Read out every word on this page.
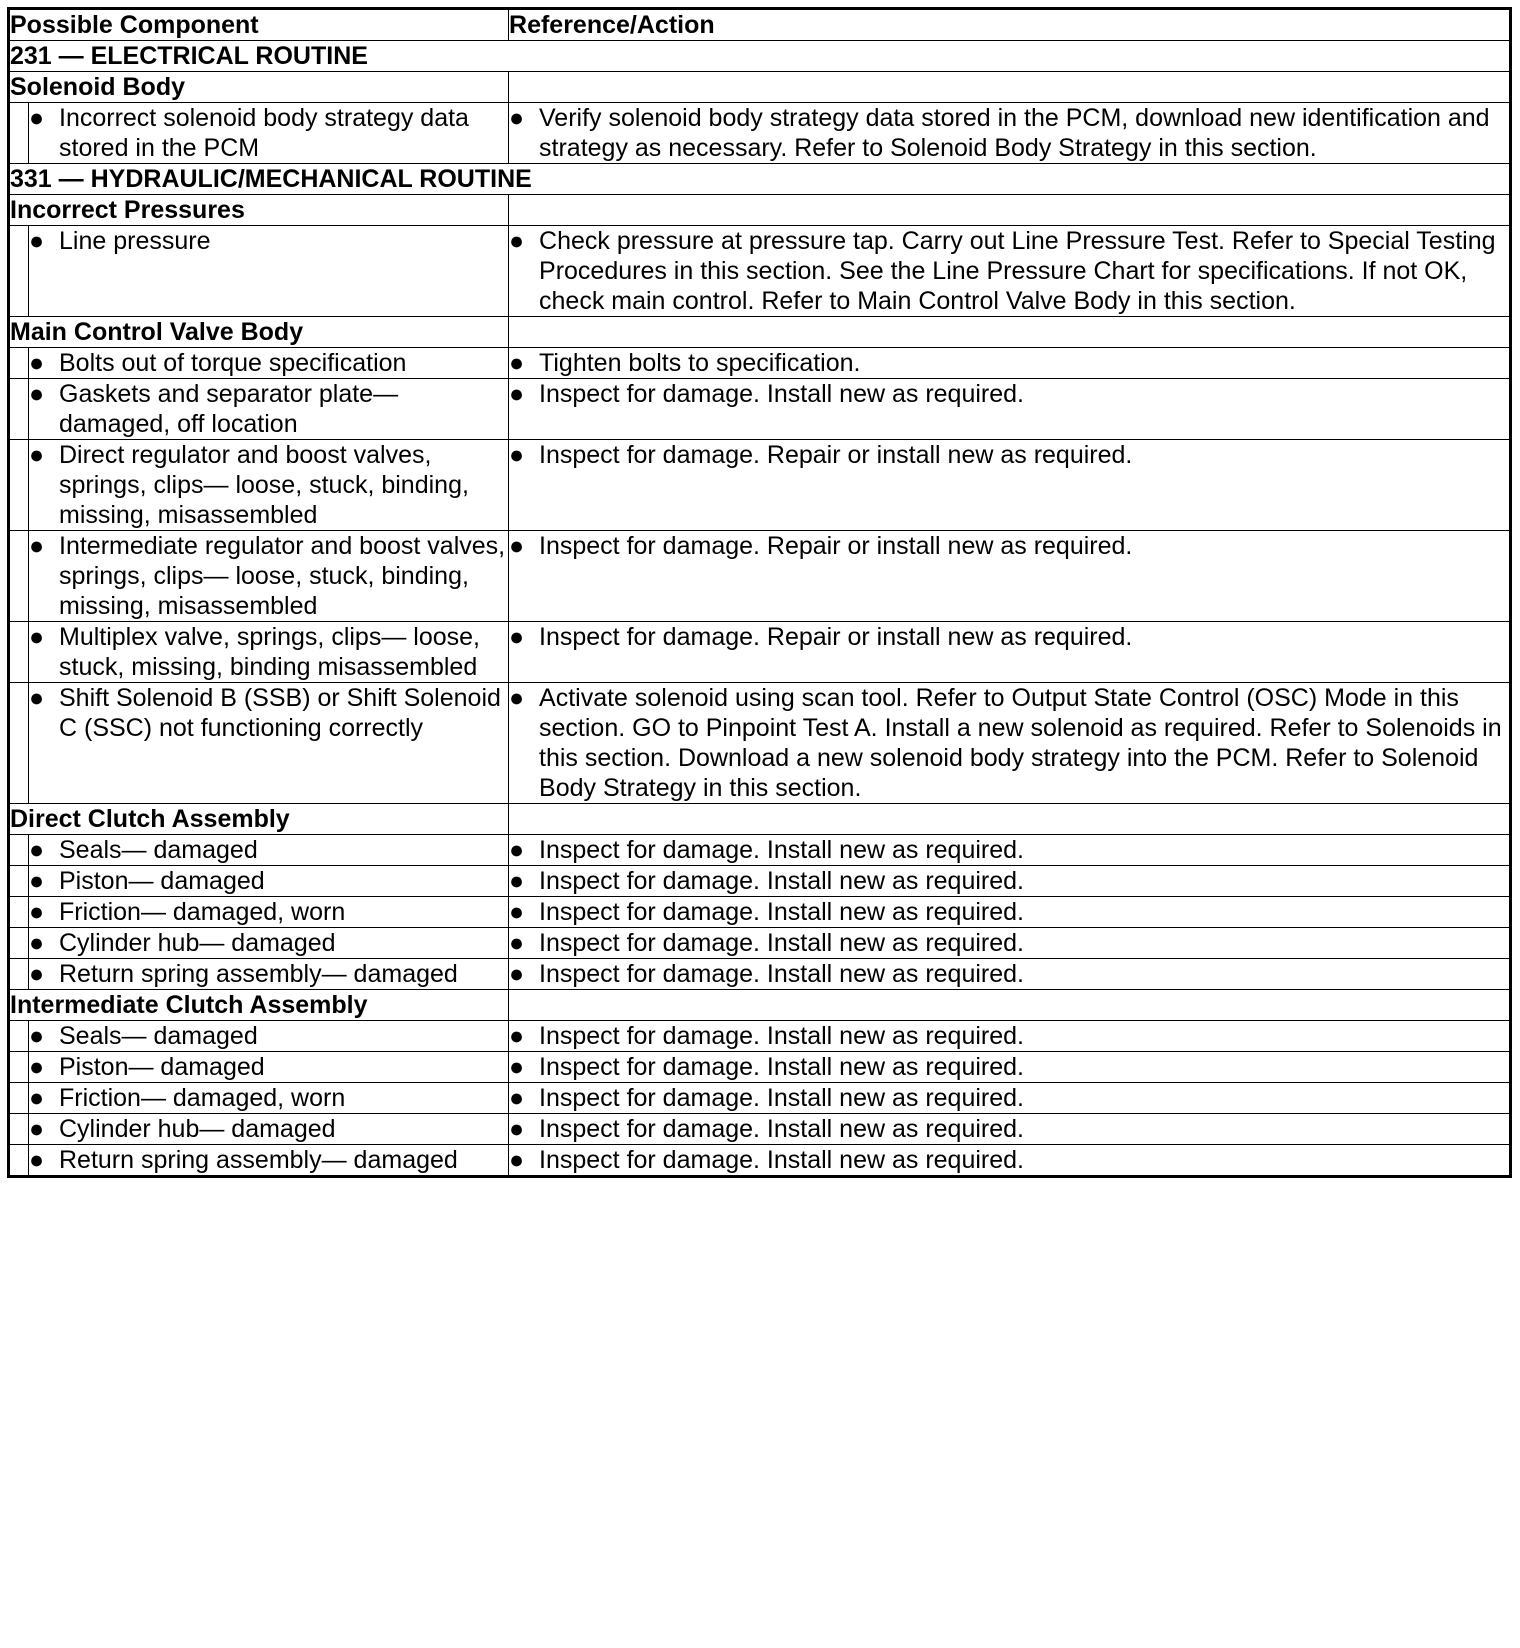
Possible Component		Reference/Action
231 — ELECTRICAL ROUTINE		
Solenoid Body		

	● Incorrect solenoid body strategy data stored in the PCM	● Verify solenoid body strategy data stored in the PCM, download new identification and strategy as necessary. Refer to Solenoid Body Strategy in this section.

331 — HYDRAULIC/MECHANICAL ROUTINE		
Incorrect Pressures		

	● Line pressure	● Check pressure at pressure tap. Carry out Line Pressure Test. Refer to Special Testing Procedures in this section. See the Line Pressure Chart for specifications. If not OK, check main control. Refer to Main Control Valve Body in this section.

Main Control Valve Body		

	● Bolts out of torque specification	● Tighten bolts to specification.

	● Gaskets and separator plate— damaged, off location	● Inspect for damage. Install new as required.

	● Direct regulator and boost valves, springs, clips— loose, stuck, binding, missing, misassembled	● Inspect for damage. Repair or install new as required.

	● Intermediate regulator and boost valves, springs, clips— loose, stuck, binding, missing, misassembled	● Inspect for damage. Repair or install new as required.

	● Multiplex valve, springs, clips— loose, stuck, missing, binding misassembled	● Inspect for damage. Repair or install new as required.

	● Shift Solenoid B (SSB) or Shift Solenoid C (SSC) not functioning correctly	● Activate solenoid using scan tool. Refer to Output State Control (OSC) Mode in this section. GO to Pinpoint Test A. Install a new solenoid as required. Refer to Solenoids in this section. Download a new solenoid body strategy into the PCM. Refer to Solenoid Body Strategy in this section.

Direct Clutch Assembly		

	● Seals— damaged	● Inspect for damage. Install new as required.

	● Piston— damaged	● Inspect for damage. Install new as required.

	● Friction— damaged, worn	● Inspect for damage. Install new as required.

	● Cylinder hub— damaged	● Inspect for damage. Install new as required.

	● Return spring assembly— damaged	● Inspect for damage. Install new as required.

Intermediate Clutch Assembly		

	● Seals— damaged	● Inspect for damage. Install new as required.

	● Piston— damaged	● Inspect for damage. Install new as required.

	● Friction— damaged, worn	● Inspect for damage. Install new as required.

	● Cylinder hub— damaged	● Inspect for damage. Install new as required.

	● Return spring assembly— damaged	● Inspect for damage. Install new as required.
